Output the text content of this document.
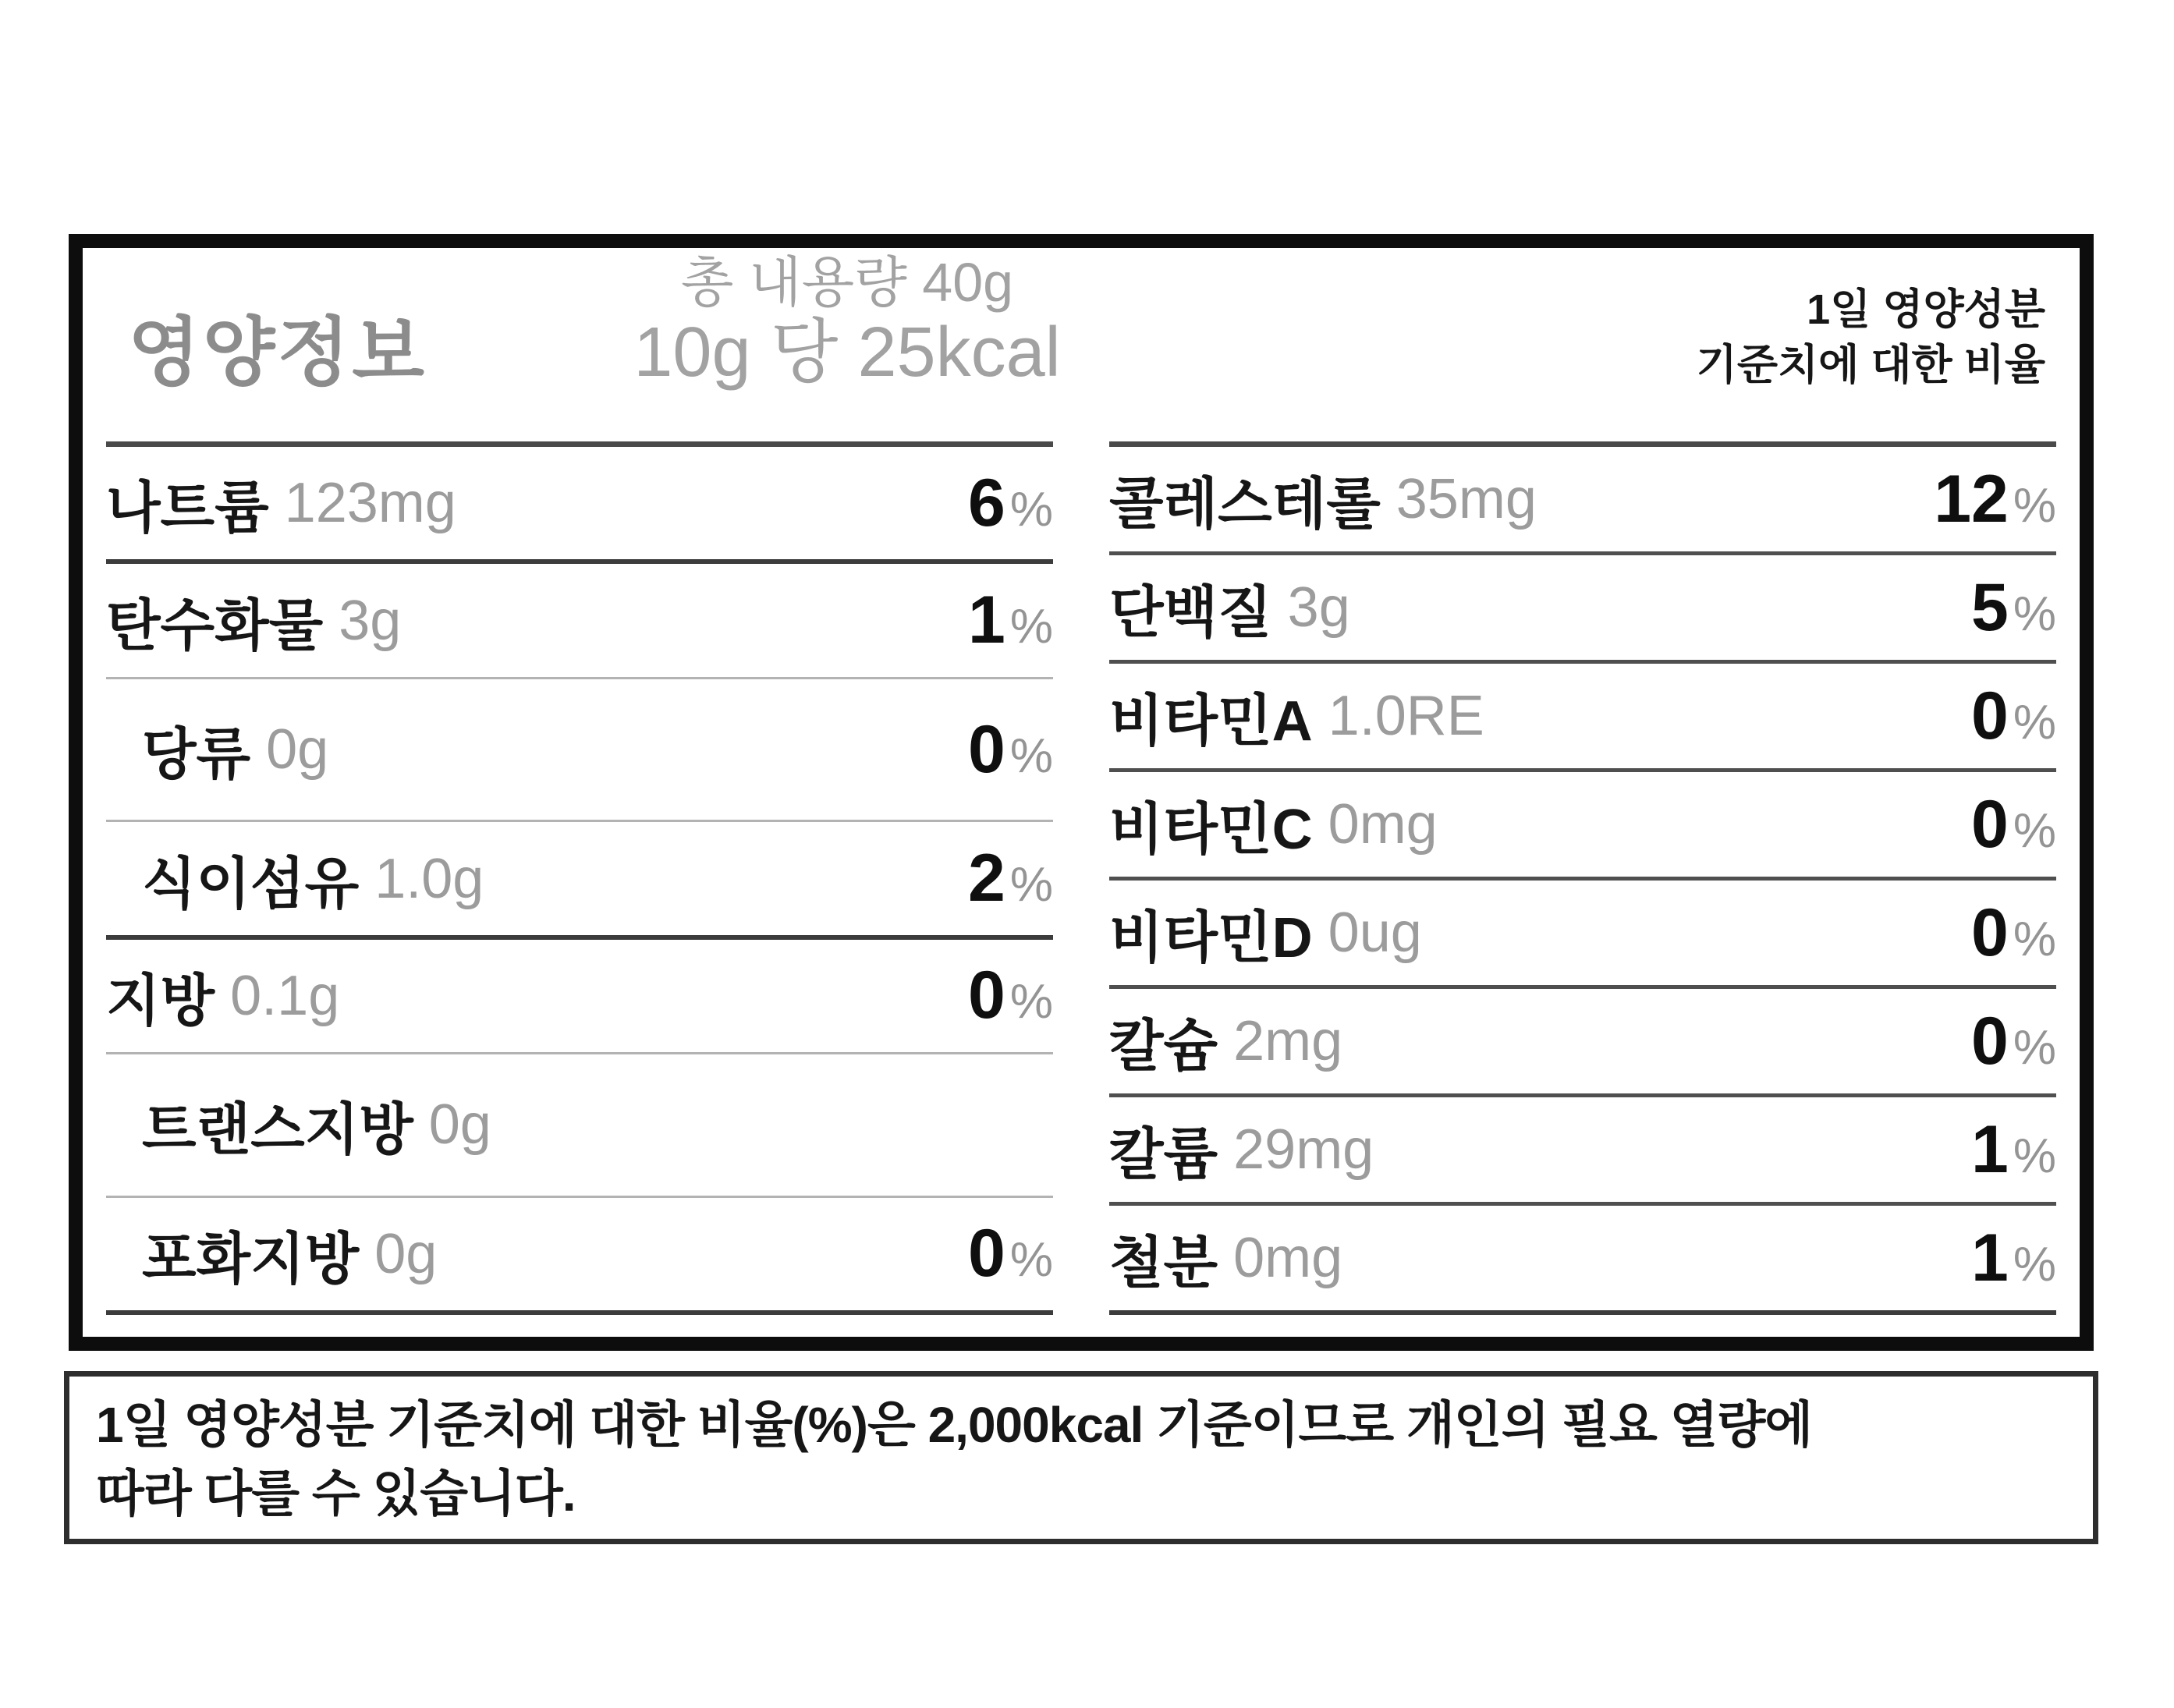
영양정보
총 내용량 40g
10g 당 25kcal
1일 영양성분
기준치에 대한 비율
나트륨 123mg	6%
탄수화물 3g	1%
당류 0g	0%
식이섬유 1.0g	2%
지방 0.1g	0%
트랜스지방 0g
포화지방 0g	0%
콜레스테롤 35mg	12%
단백질 3g	5%
비타민A 1.0RE	0%
비타민C 0mg	0%
비타민D 0ug	0%
칼슘 2mg	0%
칼륨 29mg	1%
철분 0mg	1%
1일 영양성분 기준치에 대한 비율(%)은 2,000kcal 기준이므로 개인의 필요 열량에
따라 다를 수 있습니다.
